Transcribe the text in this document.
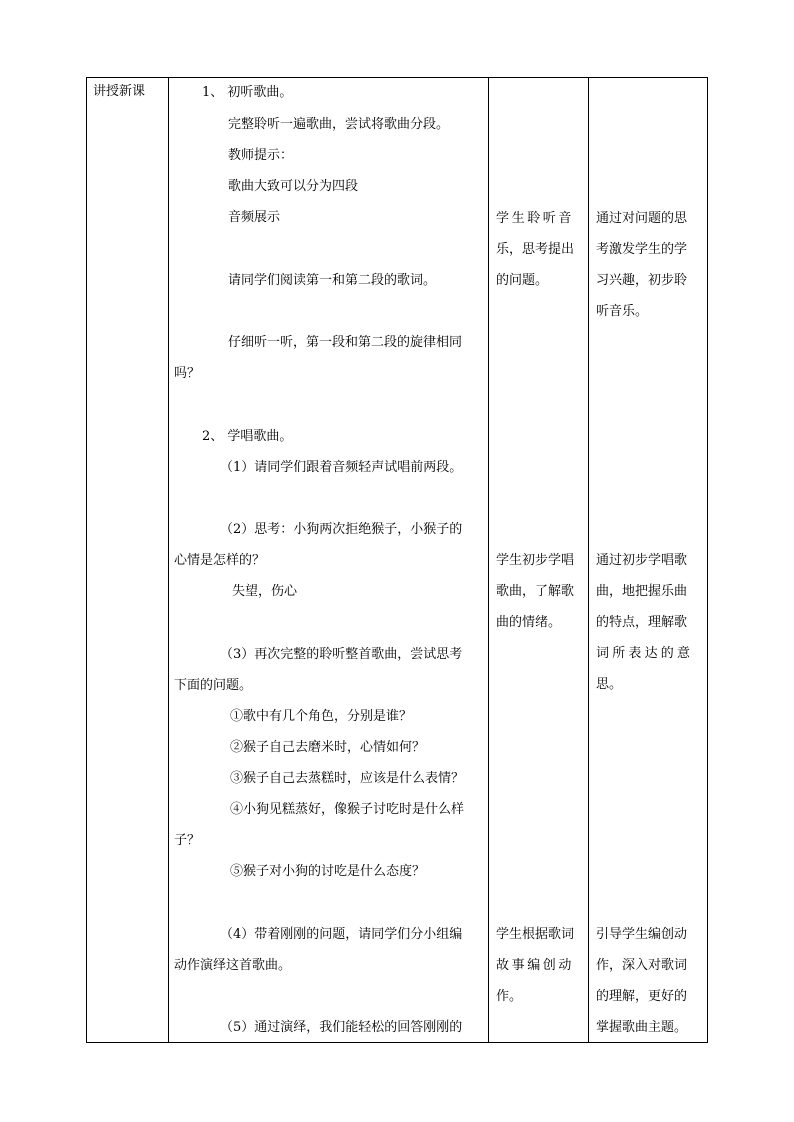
讲授新课	1、 初听歌曲。
完整聆听一遍歌曲，尝试将歌曲分段。
教师提示：
歌曲大致可以分为四段
音频展示
请同学们阅读第一和第二段的歌词。
仔细听一听，第一段和第二段的旋律相同
吗？
2、 学唱歌曲。
（1）请同学们跟着音频轻声试唱前两段。
（2）思考：小狗两次拒绝猴子，小猴子的
心情是怎样的？
失望，伤心
（3）再次完整的聆听整首歌曲，尝试思考
下面的问题。
①歌中有几个角色，分别是谁？
②猴子自己去磨米时，心情如何？
③猴子自己去蒸糕时，应该是什么表情？
④小狗见糕蒸好，像猴子讨吃时是什么样
子？
⑤猴子对小狗的讨吃是什么态度？
（4）带着刚刚的问题，请同学们分小组编
动作演绎这首歌曲。
（5）通过演绎，我们能轻松的回答刚刚的
学生聆听音
乐，思考提出
的问题。
学生初步学唱
歌曲，了解歌
曲的情绪。
学生根据歌词
故事编创动
作。
通过对问题的思
考激发学生的学
习兴趣，初步聆
听音乐。
通过初步学唱歌
曲，地把握乐曲
的特点，理解歌
词所表达的意
思。
引导学生编创动
作，深入对歌词
的理解，更好的
掌握歌曲主题。
